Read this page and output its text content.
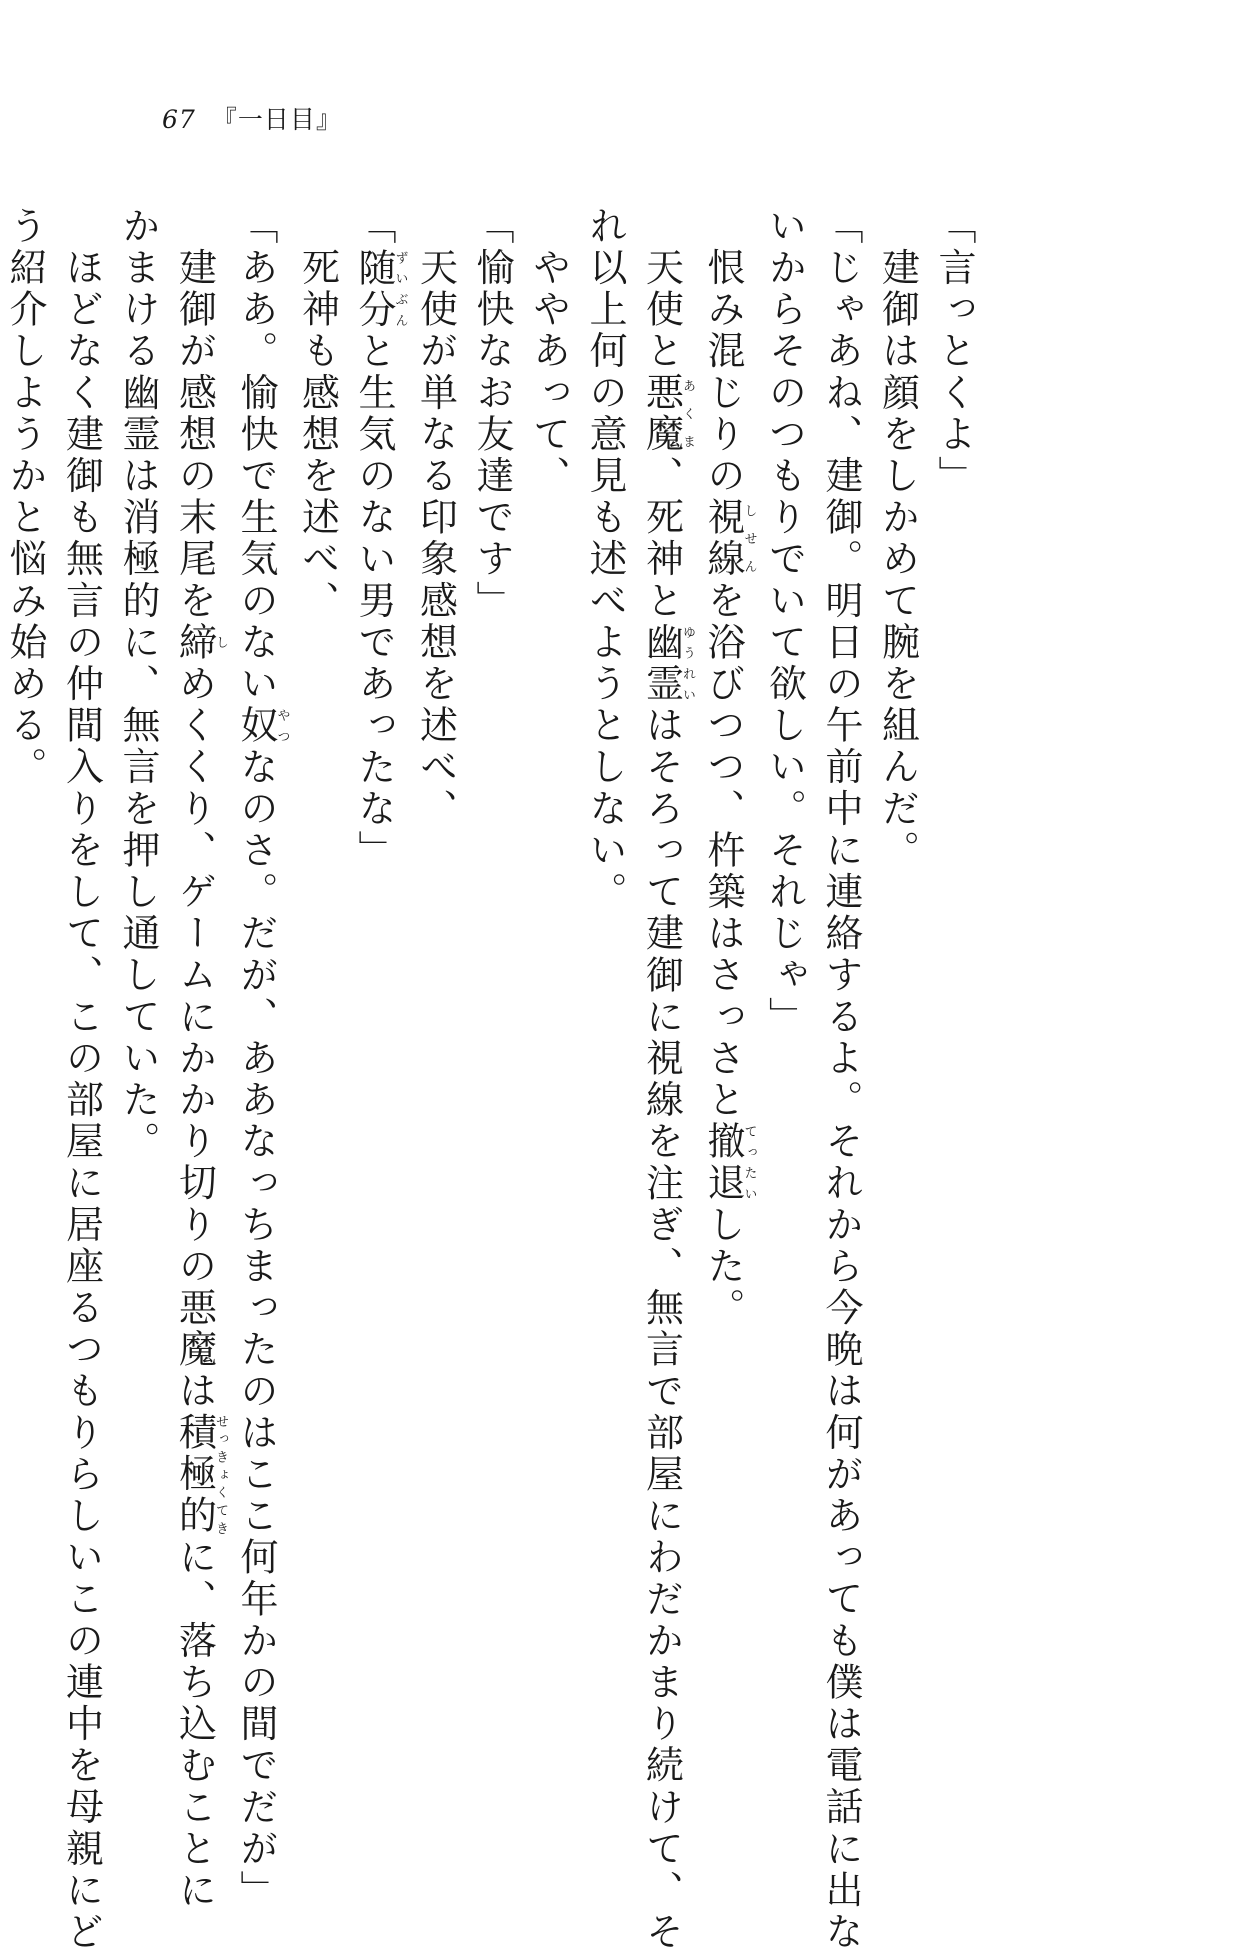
67 『一日目』
「言っとくよ」
　建御は顔をしかめて腕を組んだ。
「じゃあね、建御。明日の午前中に連絡するよ。それから今晩は何があっても僕は電話に出な
いからそのつもりでいて欲しい。それじゃ」
　恨み混じりの視線しせんを浴びつつ、杵築はさっさと撤退てったいした。
　天使と悪魔あくま、死神と幽霊ゆうれいはそろって建御に視線を注ぎ、無言で部屋にわだかまり続けて、そ
れ以上何の意見も述べようとしない。
　ややあって、
「愉快なお友達です」
　天使が単なる印象感想を述べ、
「随分ずいぶんと生気のない男であったな」
　死神も感想を述べ、
「ああ。愉快で生気のない奴やつなのさ。だが、ああなっちまったのはここ何年かの間でだが」
　建御が感想の末尾を締しめくくり、ゲームにかかり切りの悪魔は積極的せっきょくてきに、落ち込むことに
かまける幽霊は消極的に、無言を押し通していた。
　ほどなく建御も無言の仲間入りをして、この部屋に居座るつもりらしいこの連中を母親にど
う紹介しようかと悩み始める。
